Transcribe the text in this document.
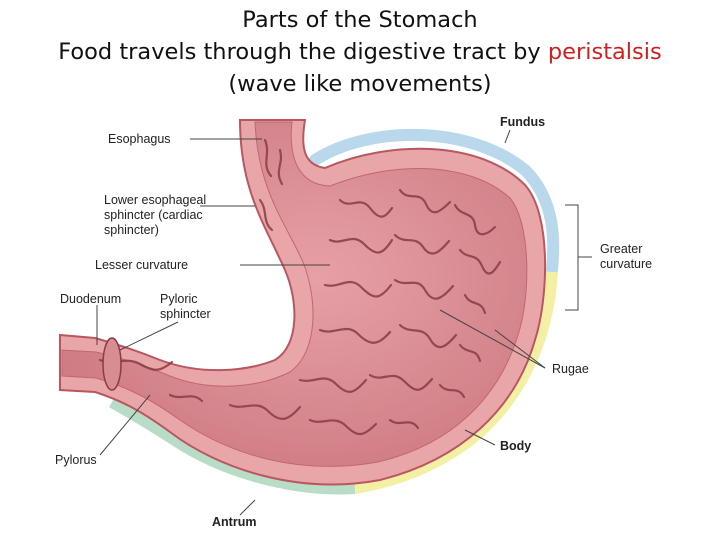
Parts of the Stomach
Food travels through the digestive tract by peristalsis
(wave like movements)
Esophagus
Fundus
Lower esophageal
sphincter (cardiac
sphincter)
Lesser curvature
Greater
curvature
Duodenum	Pyloric
sphincter
Rugae
Pylorus
Body
Antrum
